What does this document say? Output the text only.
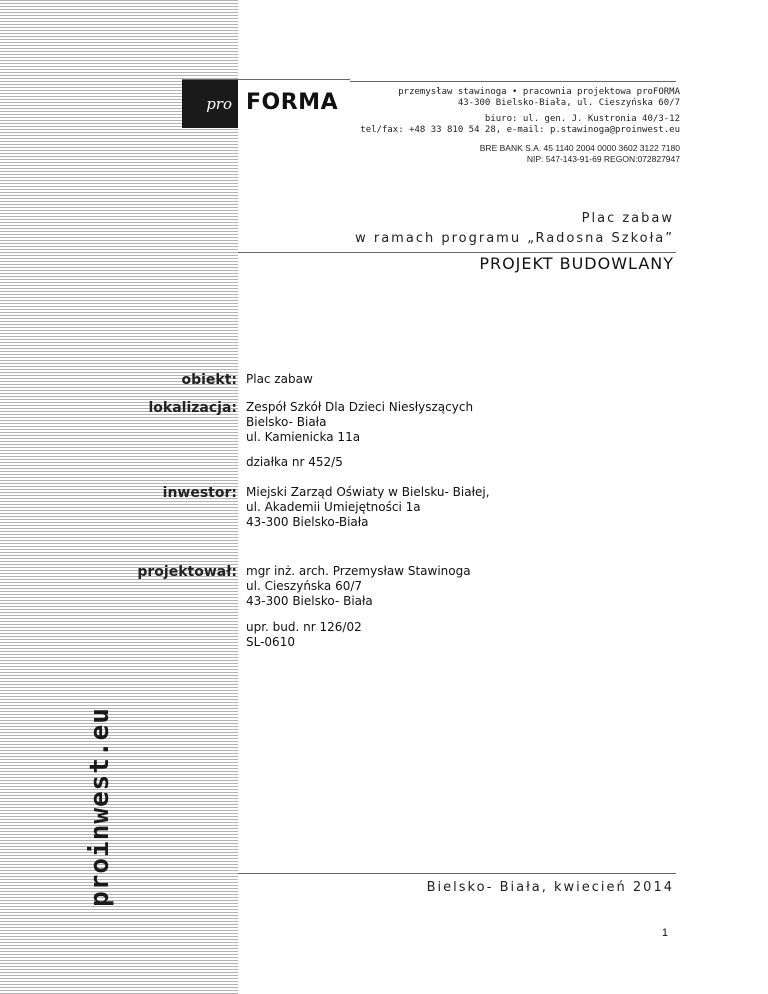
pro FORMA	przemysław stawinoga • pracownia projektowa proFORMA
43-300 Bielsko-Biała, ul. Cieszyńska 60/7
biuro: ul. gen. J. Kustronia 40/3-12
tel/fax: +48 33 810 54 28, e-mail: p.stawinoga@proinwest.eu
BRE BANK S.A. 45 1140 2004 0000 3602 3122 7180
NIP: 547-143-91-69 REGON:072827947
Plac zabaw
w ramach programu „Radosna Szkoła”
PROJEKT BUDOWLANY
obiekt: Plac zabaw
lokalizacja: Zespół Szkół Dla Dzieci Niesłyszących
Bielsko- Biała
ul. Kamienicka 11a
działka nr 452/5
inwestor: Miejski Zarząd Oświaty w Bielsku- Białej,
ul. Akademii Umiejętności 1a
43-300 Bielsko-Biała
projektował: mgr inż. arch. Przemysław Stawinoga
ul. Cieszyńska 60/7
43-300 Bielsko- Biała
upr. bud. nr 126/02
SL-0610
proinwest.eu	Bielsko- Biała, kwiecień 2014
1
